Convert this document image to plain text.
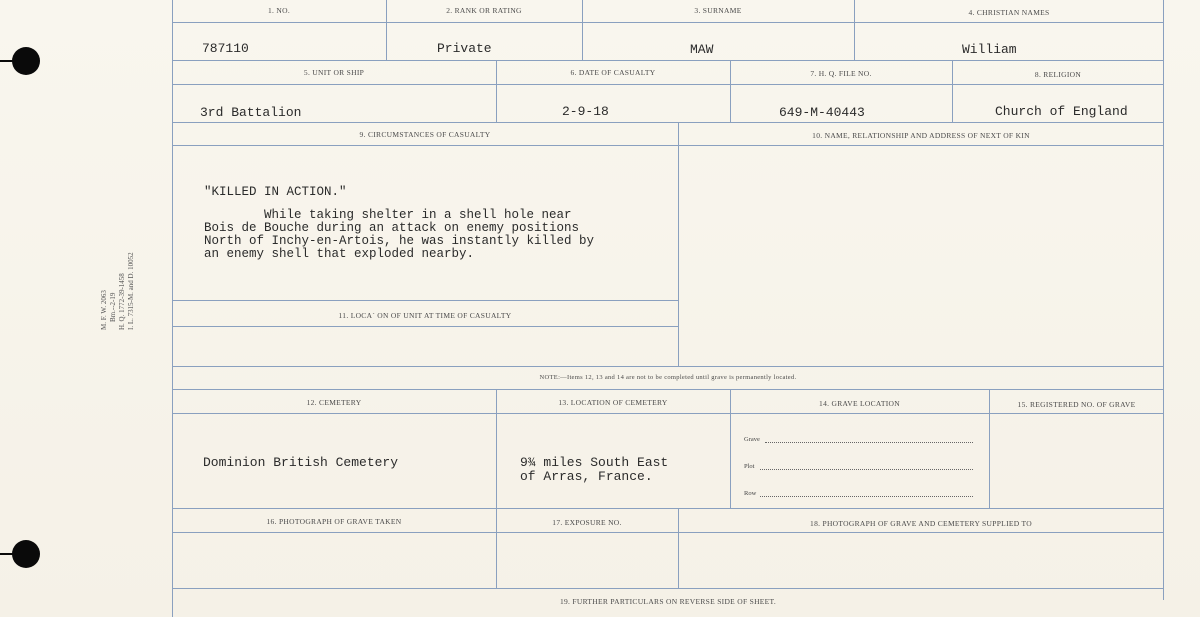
M. F. W. 2063 Bm.--2-19 H. Q. 1772-39-1458 I. L. 7315-M. and D. 10052
1. NO.	2. RANK OR RATING	3. SURNAME	4. CHRISTIAN NAMES
787110	Private	MAW	William
5. UNIT OR SHIP	6. DATE OF CASUALTY	7. H. Q. FILE NO.	8. RELIGION
3rd Battalion	2-9-18	649-M-40443	Church of England
9. CIRCUMSTANCES OF CASUALTY	10. NAME, RELATIONSHIP AND ADDRESS OF NEXT OF KIN
"KILLED IN ACTION."
While taking shelter in a shell hole near
Bois de Bouche during an attack on enemy positions
North of Inchy-en-Artois, he was instantly killed by
an enemy shell that exploded nearby.
11. LOCAˋ ON OF UNIT AT TIME OF CASUALTY
NOTE:—Items 12, 13 and 14 are not to be completed until grave is permanently located.
12. CEMETERY	13. LOCATION OF CEMETERY	14. GRAVE LOCATION	15. REGISTERED NO. OF GRAVE
Dominion British Cemetery	9¾ miles South East
of Arras, France.
Grave
Plot
Row
16. PHOTOGRAPH OF GRAVE TAKEN	17. EXPOSURE NO.	18. PHOTOGRAPH OF GRAVE AND CEMETERY SUPPLIED TO
19. FURTHER PARTICULARS ON REVERSE SIDE OF SHEET.
